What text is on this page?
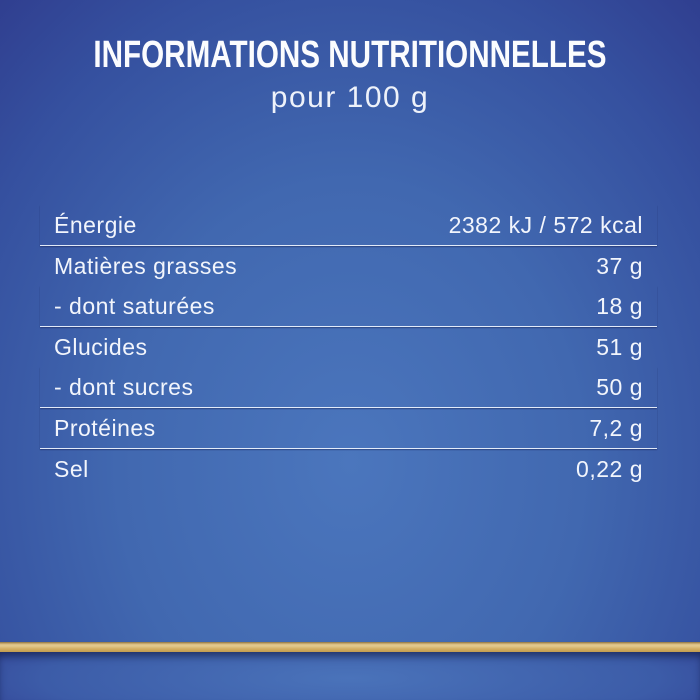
INFORMATIONS NUTRITIONNELLES
pour 100 g
Énergie	2382 kJ / 572 kcal
Matières grasses	37 g
- dont saturées	18 g
Glucides	51 g
- dont sucres	50 g
Protéines	7,2 g
Sel	0,22 g
